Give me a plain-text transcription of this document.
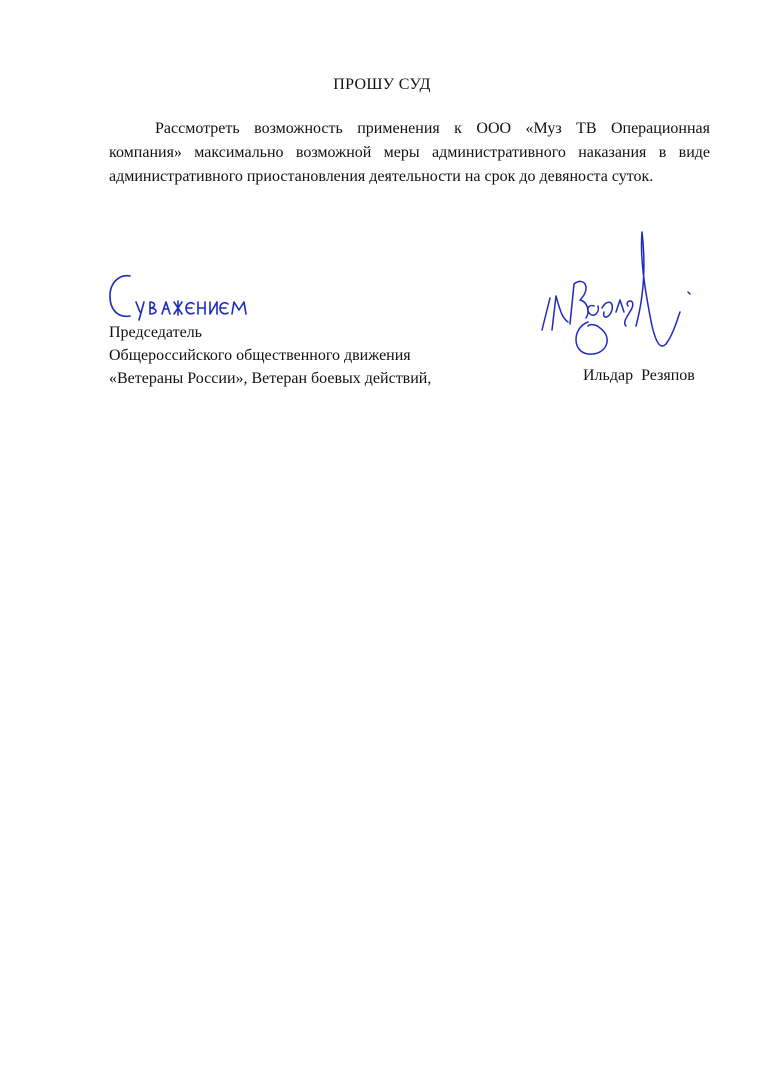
ПРОШУ СУД
Рассмотреть возможность применения к ООО «Муз ТВ Операционная компания» максимально возможной меры административного наказания в виде административного приостановления деятельности на срок до девяноста суток.
Председатель
Общероссийского общественного движения
«Ветераны России», Ветеран боевых действий,	Ильдар Резяпов
